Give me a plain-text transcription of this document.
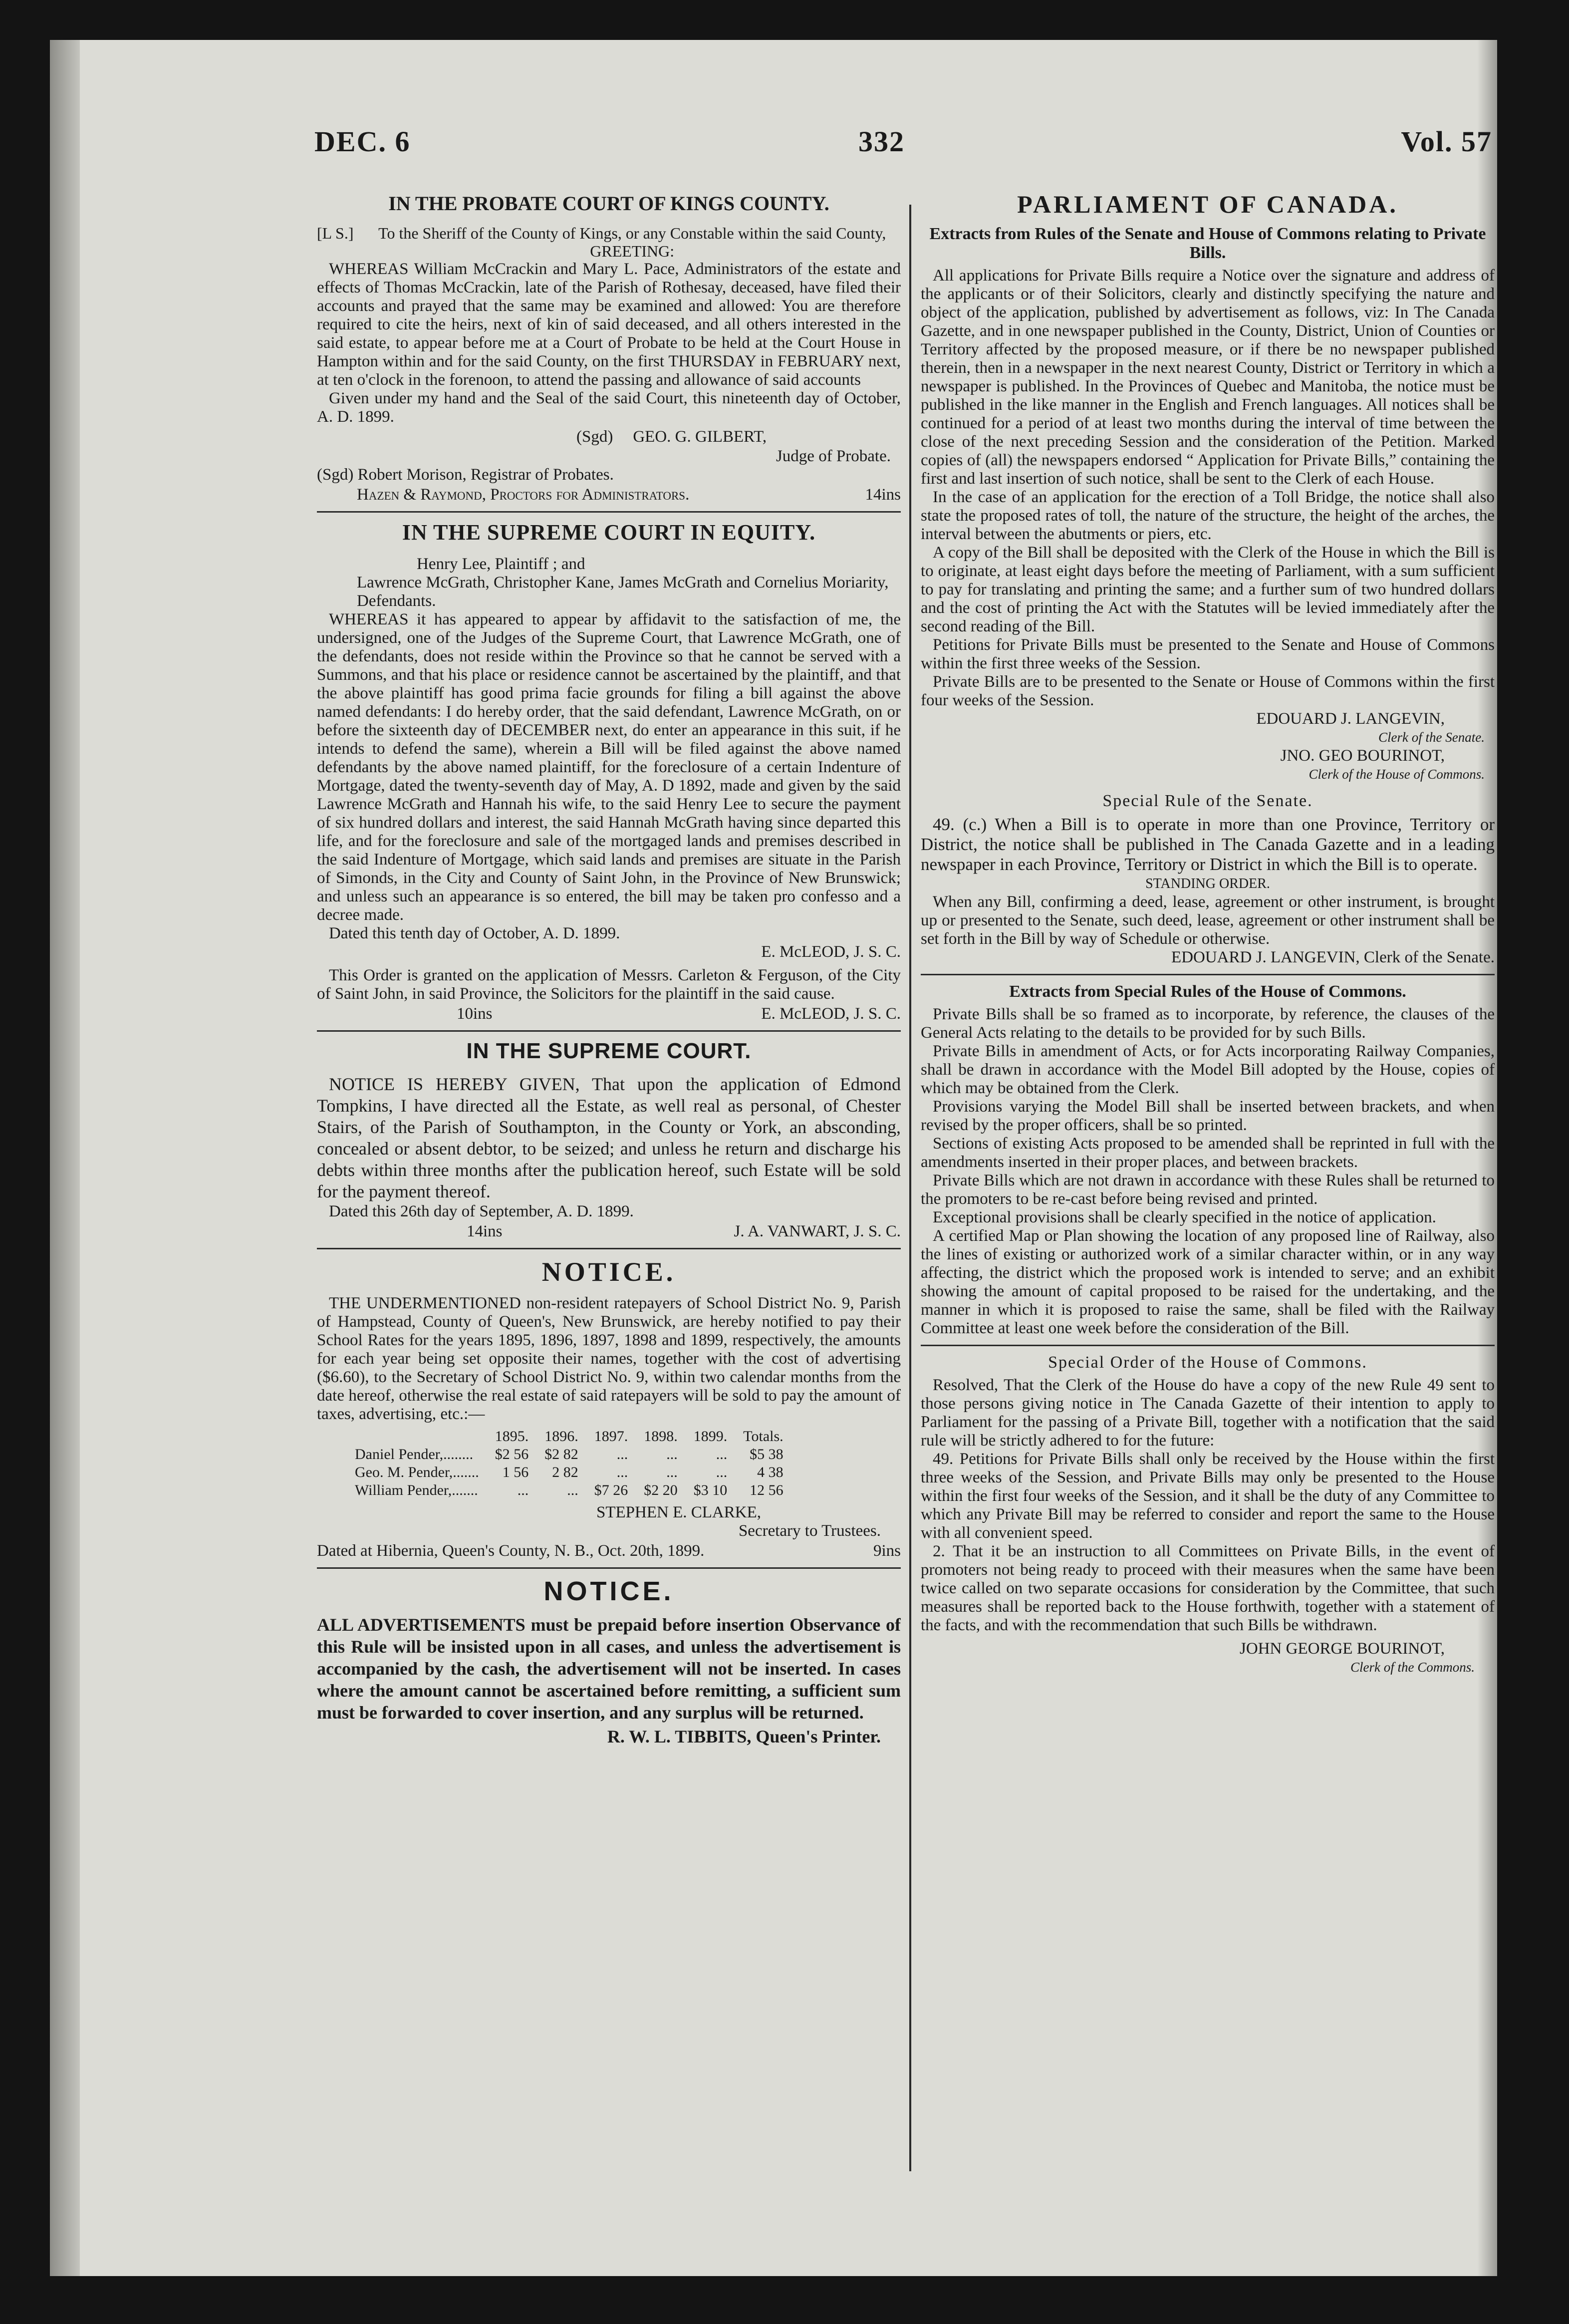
DEC. 6	332	Vol. 57
IN THE PROBATE COURT OF KINGS COUNTY.
[L S.]	To the Sheriff of the County of Kings, or any Constable within the said County, GREETING:

WHEREAS William McCrackin and Mary L. Pace, Administrators of the estate and effects of Thomas McCrackin, late of the Parish of Rothesay, deceased, have filed their accounts and prayed that the same may be examined and allowed: You are therefore required to cite the heirs, next of kin of said deceased, and all others interested in the said estate, to appear before me at a Court of Probate to be held at the Court House in Hampton within and for the said County, on the first THURSDAY in FEBRUARY next, at ten o'clock in the forenoon, to attend the passing and allowance of said accounts

Given under my hand and the Seal of the said Court, this nineteenth day of October, A. D. 1899.

(Sgd) GEO. G. GILBERT,
Judge of Probate.
(Sgd) Robert Morison, Registrar of Probates.
Hazen & Raymond, Proctors for Administrators.	14ins
IN THE SUPREME COURT IN EQUITY.
Henry Lee, Plaintiff ; and
Lawrence McGrath, Christopher Kane, James McGrath and Cornelius Moriarity, Defendants.

WHEREAS it has appeared to appear by affidavit to the satisfaction of me, the undersigned, one of the Judges of the Supreme Court, that Lawrence McGrath, one of the defendants, does not reside within the Province so that he cannot be served with a Summons, and that his place or residence cannot be ascertained by the plaintiff, and that the above plaintiff has good prima facie grounds for filing a bill against the above named defendants: I do hereby order, that the said defendant, Lawrence McGrath, on or before the sixteenth day of DECEMBER next, do enter an appearance in this suit, if he intends to defend the same), wherein a Bill will be filed against the above named defendants by the above named plaintiff, for the foreclosure of a certain Indenture of Mortgage, dated the twenty-seventh day of May, A. D 1892, made and given by the said Lawrence McGrath and Hannah his wife, to the said Henry Lee to secure the payment of six hundred dollars and interest, the said Hannah McGrath having since departed this life, and for the foreclosure and sale of the mortgaged lands and premises described in the said Indenture of Mortgage, which said lands and premises are situate in the Parish of Simonds, in the City and County of Saint John, in the Province of New Brunswick; and unless such an appearance is so entered, the bill may be taken pro confesso and a decree made.

Dated this tenth day of October, A. D. 1899.

E. McLEOD, J. S. C.

This Order is granted on the application of Messrs. Carleton & Ferguson, of the City of Saint John, in said Province, the Solicitors for the plaintiff in the said cause.

10ins	E. McLEOD, J. S. C.
IN THE SUPREME COURT.

NOTICE IS HEREBY GIVEN, That upon the application of Edmond Tompkins, I have directed all the Estate, as well real as personal, of Chester Stairs, of the Parish of Southampton, in the County or York, an absconding, concealed or absent debtor, to be seized; and unless he return and discharge his debts within three months after the publication hereof, such Estate will be sold for the payment thereof.

Dated this 26th day of September, A. D. 1899.

14ins	J. A. VANWART, J. S. C.
NOTICE.

THE UNDERMENTIONED non-resident ratepayers of School District No. 9, Parish of Hampstead, County of Queen's, New Brunswick, are hereby notified to pay their School Rates for the years 1895, 1896, 1897, 1898 and 1899, respectively, the amounts for each year being set opposite their names, together with the cost of advertising ($6.60), to the Secretary of School District No. 9, within two calendar months from the date hereof, otherwise the real estate of said ratepayers will be sold to pay the amount of taxes, advertising, etc.:—

	1895.	1896.	1897.	1898.	1899.	Totals.
Daniel Pender,........	$2 56	$2 82	...	...	...	$5 38
Geo. M. Pender,.......	1 56	2 82	...	...	...	4 38
William Pender,.......	...	...	$7 26	$2 20	$3 10	12 56
STEPHEN E. CLARKE,
Secretary to Trustees.
Dated at Hibernia, Queen's County, N. B., Oct. 20th, 1899.	9ins
NOTICE.

ALL ADVERTISEMENTS must be prepaid before insertion Observance of this Rule will be insisted upon in all cases, and unless the advertisement is accompanied by the cash, the advertisement will not be inserted. In cases where the amount cannot be ascertained before remitting, a sufficient sum must be forwarded to cover insertion, and any surplus will be returned.

R. W. L. TIBBITS, Queen's Printer.
PARLIAMENT OF CANADA.
Extracts from Rules of the Senate and House of Commons relating to Private Bills.

All applications for Private Bills require a Notice over the signature and address of the applicants or of their Solicitors, clearly and distinctly specifying the nature and object of the application, published by advertisement as follows, viz: In The Canada Gazette, and in one newspaper published in the County, District, Union of Counties or Territory affected by the proposed measure, or if there be no newspaper published therein, then in a newspaper in the next nearest County, District or Territory in which a newspaper is published. In the Provinces of Quebec and Manitoba, the notice must be published in the like manner in the English and French languages. All notices shall be continued for a period of at least two months during the interval of time between the close of the next preceding Session and the consideration of the Petition. Marked copies of (all) the newspapers endorsed “ Application for Private Bills,” containing the first and last insertion of such notice, shall be sent to the Clerk of each House.

In the case of an application for the erection of a Toll Bridge, the notice shall also state the proposed rates of toll, the nature of the structure, the height of the arches, the interval between the abutments or piers, etc.

A copy of the Bill shall be deposited with the Clerk of the House in which the Bill is to originate, at least eight days before the meeting of Parliament, with a sum sufficient to pay for translating and printing the same; and a further sum of two hundred dollars and the cost of printing the Act with the Statutes will be levied immediately after the second reading of the Bill.

Petitions for Private Bills must be presented to the Senate and House of Commons within the first three weeks of the Session.

Private Bills are to be presented to the Senate or House of Commons within the first four weeks of the Session.

EDOUARD J. LANGEVIN,
Clerk of the Senate.
JNO. GEO BOURINOT,
Clerk of the House of Commons.
Special Rule of the Senate.

49. (c.) When a Bill is to operate in more than one Province, Territory or District, the notice shall be published in The Canada Gazette and in a leading newspaper in each Province, Territory or District in which the Bill is to operate.

STANDING ORDER.

When any Bill, confirming a deed, lease, agreement or other instrument, is brought up or presented to the Senate, such deed, lease, agreement or other instrument shall be set forth in the Bill by way of Schedule or otherwise.

EDOUARD J. LANGEVIN, Clerk of the Senate.
Extracts from Special Rules of the House of Commons.

Private Bills shall be so framed as to incorporate, by reference, the clauses of the General Acts relating to the details to be provided for by such Bills.

Private Bills in amendment of Acts, or for Acts incorporating Railway Companies, shall be drawn in accordance with the Model Bill adopted by the House, copies of which may be obtained from the Clerk.

Provisions varying the Model Bill shall be inserted between brackets, and when revised by the proper officers, shall be so printed.

Sections of existing Acts proposed to be amended shall be reprinted in full with the amendments inserted in their proper places, and between brackets.

Private Bills which are not drawn in accordance with these Rules shall be returned to the promoters to be re-cast before being revised and printed.

Exceptional provisions shall be clearly specified in the notice of application.

A certified Map or Plan showing the location of any proposed line of Railway, also the lines of existing or authorized work of a similar character within, or in any way affecting, the district which the proposed work is intended to serve; and an exhibit showing the amount of capital proposed to be raised for the undertaking, and the manner in which it is proposed to raise the same, shall be filed with the Railway Committee at least one week before the consideration of the Bill.

Special Order of the House of Commons.

Resolved, That the Clerk of the House do have a copy of the new Rule 49 sent to those persons giving notice in The Canada Gazette of their intention to apply to Parliament for the passing of a Private Bill, together with a notification that the said rule will be strictly adhered to for the future:

49. Petitions for Private Bills shall only be received by the House within the first three weeks of the Session, and Private Bills may only be presented to the House within the first four weeks of the Session, and it shall be the duty of any Committee to which any Private Bill may be referred to consider and report the same to the House with all convenient speed.

2. That it be an instruction to all Committees on Private Bills, in the event of promoters not being ready to proceed with their measures when the same have been twice called on two separate occasions for consideration by the Committee, that such measures shall be reported back to the House forthwith, together with a statement of the facts, and with the recommendation that such Bills be withdrawn.

JOHN GEORGE BOURINOT,
Clerk of the Commons.
